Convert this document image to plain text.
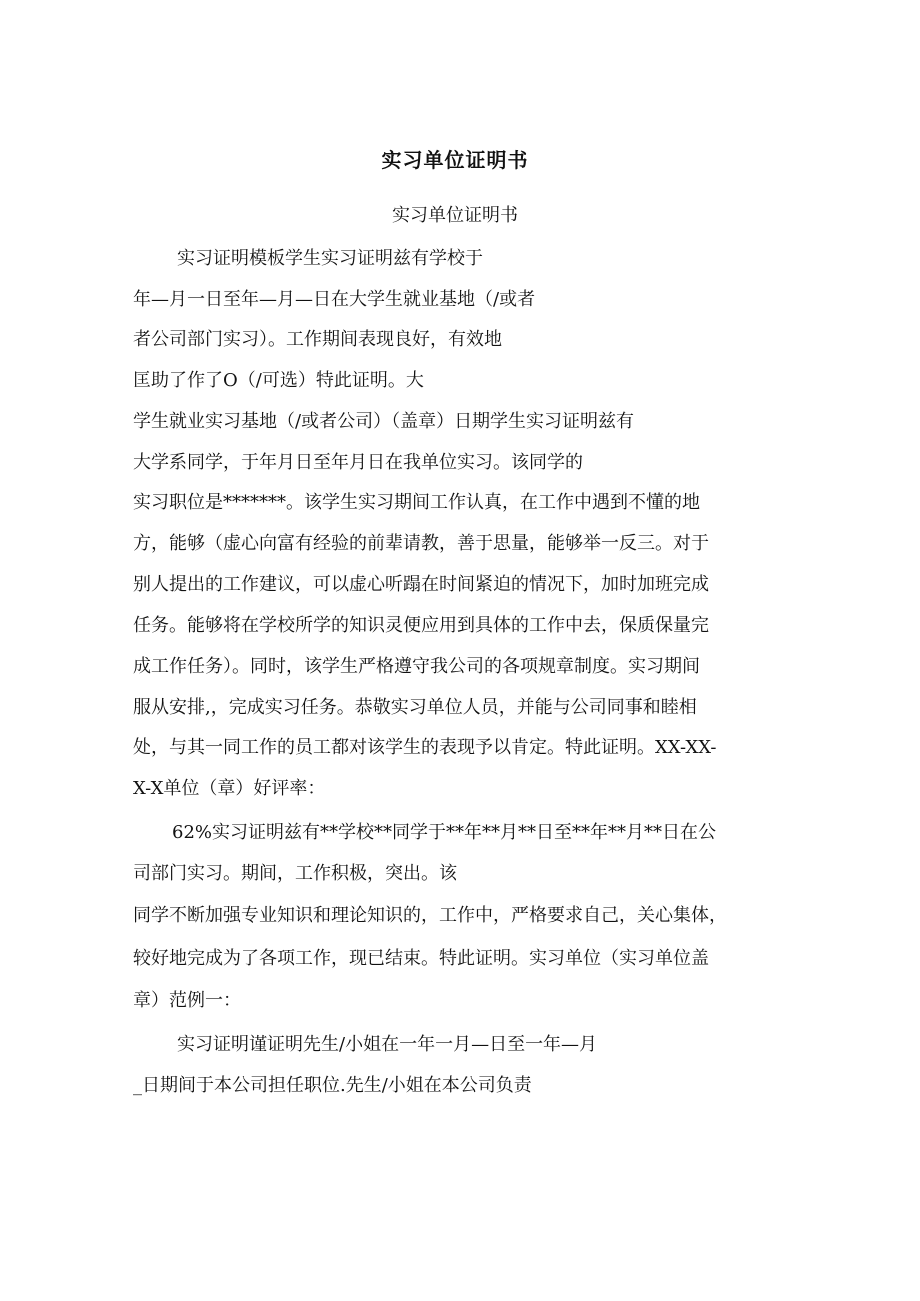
实习单位证明书
实习单位证明书
实习证明模板学生实习证明兹有学校于
年—月一日至年—月—日在大学生就业基地（/或者
者公司部门实习）。工作期间表现良好，有效地
匡助了作了O（/可选）特此证明。大
学生就业实习基地（/或者公司）（盖章）日期学生实习证明兹有
大学系同学，于年月日至年月日在我单位实习。该同学的
实习职位是*******。该学生实习期间工作认真，在工作中遇到不懂的地
方，能够（虚心向富有经验的前辈请教，善于思量，能够举一反三。对于
别人提出的工作建议，可以虚心听蹋在时间紧迫的情况下，加时加班完成
任务。能够将在学校所学的知识灵便应用到具体的工作中去，保质保量完
成工作任务）。同时，该学生严格遵守我公司的各项规章制度。实习期间
服从安排,，完成实习任务。恭敬实习单位人员，并能与公司同事和睦相
处，与其一同工作的员工都对该学生的表现予以肯定。特此证明。XX-XX-
X-X单位（章）好评率：
62%实习证明兹有**学校**同学于**年**月**日至**年**月**日在公
司部门实习。期间，工作积极，突出。该
同学不断加强专业知识和理论知识的，工作中，严格要求自己，关心集体，
较好地完成为了各项工作，现已结束。特此证明。实习单位（实习单位盖
章）范例一：
实习证明谨证明先生/小姐在一年一月—日至一年—月
_日期间于本公司担任职位.先生/小姐在本公司负责
